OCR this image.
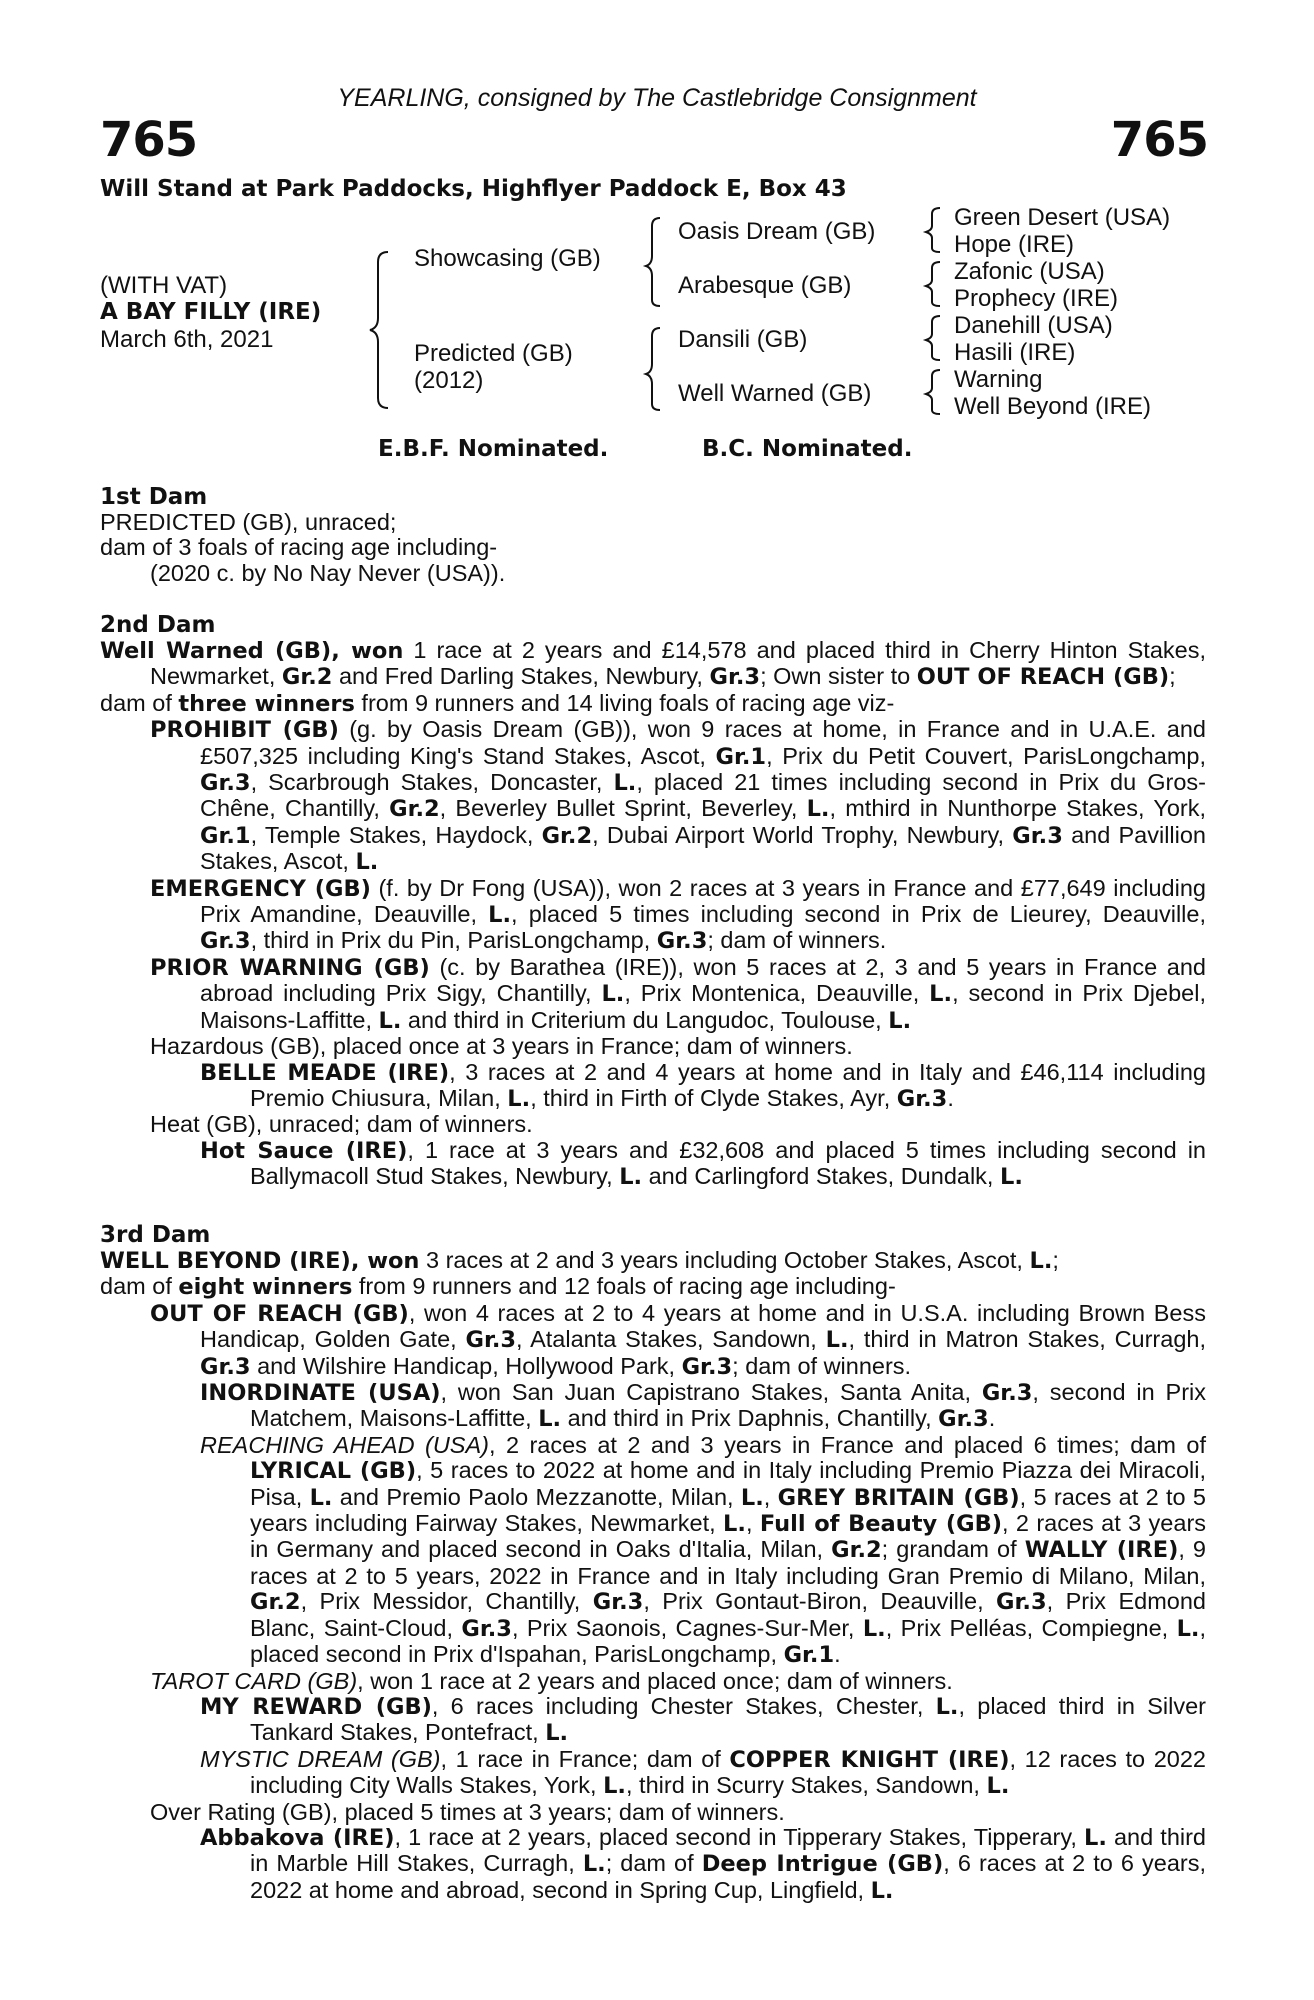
YEARLING, consigned by The Castlebridge Consignment
765	765
Will Stand at Park Paddocks, Highflyer Paddock E, Box 43
(WITH VAT)
A BAY FILLY (IRE)
March 6th, 2021
Showcasing (GB)
Predicted (GB)
(2012)
Oasis Dream (GB)
Arabesque (GB)
Dansili (GB)
Well Warned (GB)
Green Desert (USA)
Hope (IRE)
Zafonic (USA)
Prophecy (IRE)
Danehill (USA)
Hasili (IRE)
Warning
Well Beyond (IRE)
E.B.F. Nominated.	B.C. Nominated.
1st Dam

PREDICTED (GB), unraced;

dam of 3 foals of racing age including-

(2020 c. by No Nay Never (USA)).

2nd Dam

Well Warned (GB), won 1 race at 2 years and £14,578 and placed third in Cherry Hinton Stakes, Newmarket, Gr.2 and Fred Darling Stakes, Newbury, Gr.3; Own sister to OUT OF REACH (GB);

dam of three winners from 9 runners and 14 living foals of racing age viz-

PROHIBIT (GB) (g. by Oasis Dream (GB)), won 9 races at home, in France and in U.A.E. and £507,325 including King's Stand Stakes, Ascot, Gr.1, Prix du Petit Couvert, ParisLongchamp, Gr.3, Scarbrough Stakes, Doncaster, L., placed 21 times including second in Prix du Gros-Chêne, Chantilly, Gr.2, Beverley Bullet Sprint, Beverley, L., mthird in Nunthorpe Stakes, York, Gr.1, Temple Stakes, Haydock, Gr.2, Dubai Airport World Trophy, Newbury, Gr.3 and Pavillion Stakes, Ascot, L.

EMERGENCY (GB) (f. by Dr Fong (USA)), won 2 races at 3 years in France and £77,649 including Prix Amandine, Deauville, L., placed 5 times including second in Prix de Lieurey, Deauville, Gr.3, third in Prix du Pin, ParisLongchamp, Gr.3; dam of winners.

PRIOR WARNING (GB) (c. by Barathea (IRE)), won 5 races at 2, 3 and 5 years in France and abroad including Prix Sigy, Chantilly, L., Prix Montenica, Deauville, L., second in Prix Djebel, Maisons-Laffitte, L. and third in Criterium du Langudoc, Toulouse, L.

Hazardous (GB), placed once at 3 years in France; dam of winners.

BELLE MEADE (IRE), 3 races at 2 and 4 years at home and in Italy and £46,114 including Premio Chiusura, Milan, L., third in Firth of Clyde Stakes, Ayr, Gr.3.

Heat (GB), unraced; dam of winners.

Hot Sauce (IRE), 1 race at 3 years and £32,608 and placed 5 times including second in Ballymacoll Stud Stakes, Newbury, L. and Carlingford Stakes, Dundalk, L.

3rd Dam

WELL BEYOND (IRE), won 3 races at 2 and 3 years including October Stakes, Ascot, L.;

dam of eight winners from 9 runners and 12 foals of racing age including-

OUT OF REACH (GB), won 4 races at 2 to 4 years at home and in U.S.A. including Brown Bess Handicap, Golden Gate, Gr.3, Atalanta Stakes, Sandown, L., third in Matron Stakes, Curragh, Gr.3 and Wilshire Handicap, Hollywood Park, Gr.3; dam of winners.

INORDINATE (USA), won San Juan Capistrano Stakes, Santa Anita, Gr.3, second in Prix Matchem, Maisons-Laffitte, L. and third in Prix Daphnis, Chantilly, Gr.3.

REACHING AHEAD (USA), 2 races at 2 and 3 years in France and placed 6 times; dam of LYRICAL (GB), 5 races to 2022 at home and in Italy including Premio Piazza dei Miracoli, Pisa, L. and Premio Paolo Mezzanotte, Milan, L., GREY BRITAIN (GB), 5 races at 2 to 5 years including Fairway Stakes, Newmarket, L., Full of Beauty (GB), 2 races at 3 years in Germany and placed second in Oaks d'Italia, Milan, Gr.2; grandam of WALLY (IRE), 9 races at 2 to 5 years, 2022 in France and in Italy including Gran Premio di Milano, Milan, Gr.2, Prix Messidor, Chantilly, Gr.3, Prix Gontaut-Biron, Deauville, Gr.3, Prix Edmond Blanc, Saint-Cloud, Gr.3, Prix Saonois, Cagnes-Sur-Mer, L., Prix Pelléas, Compiegne, L., placed second in Prix d'Ispahan, ParisLongchamp, Gr.1.

TAROT CARD (GB), won 1 race at 2 years and placed once; dam of winners.

MY REWARD (GB), 6 races including Chester Stakes, Chester, L., placed third in Silver Tankard Stakes, Pontefract, L.

MYSTIC DREAM (GB), 1 race in France; dam of COPPER KNIGHT (IRE), 12 races to 2022 including City Walls Stakes, York, L., third in Scurry Stakes, Sandown, L.

Over Rating (GB), placed 5 times at 3 years; dam of winners.

Abbakova (IRE), 1 race at 2 years, placed second in Tipperary Stakes, Tipperary, L. and third in Marble Hill Stakes, Curragh, L.; dam of Deep Intrigue (GB), 6 races at 2 to 6 years, 2022 at home and abroad, second in Spring Cup, Lingfield, L.
